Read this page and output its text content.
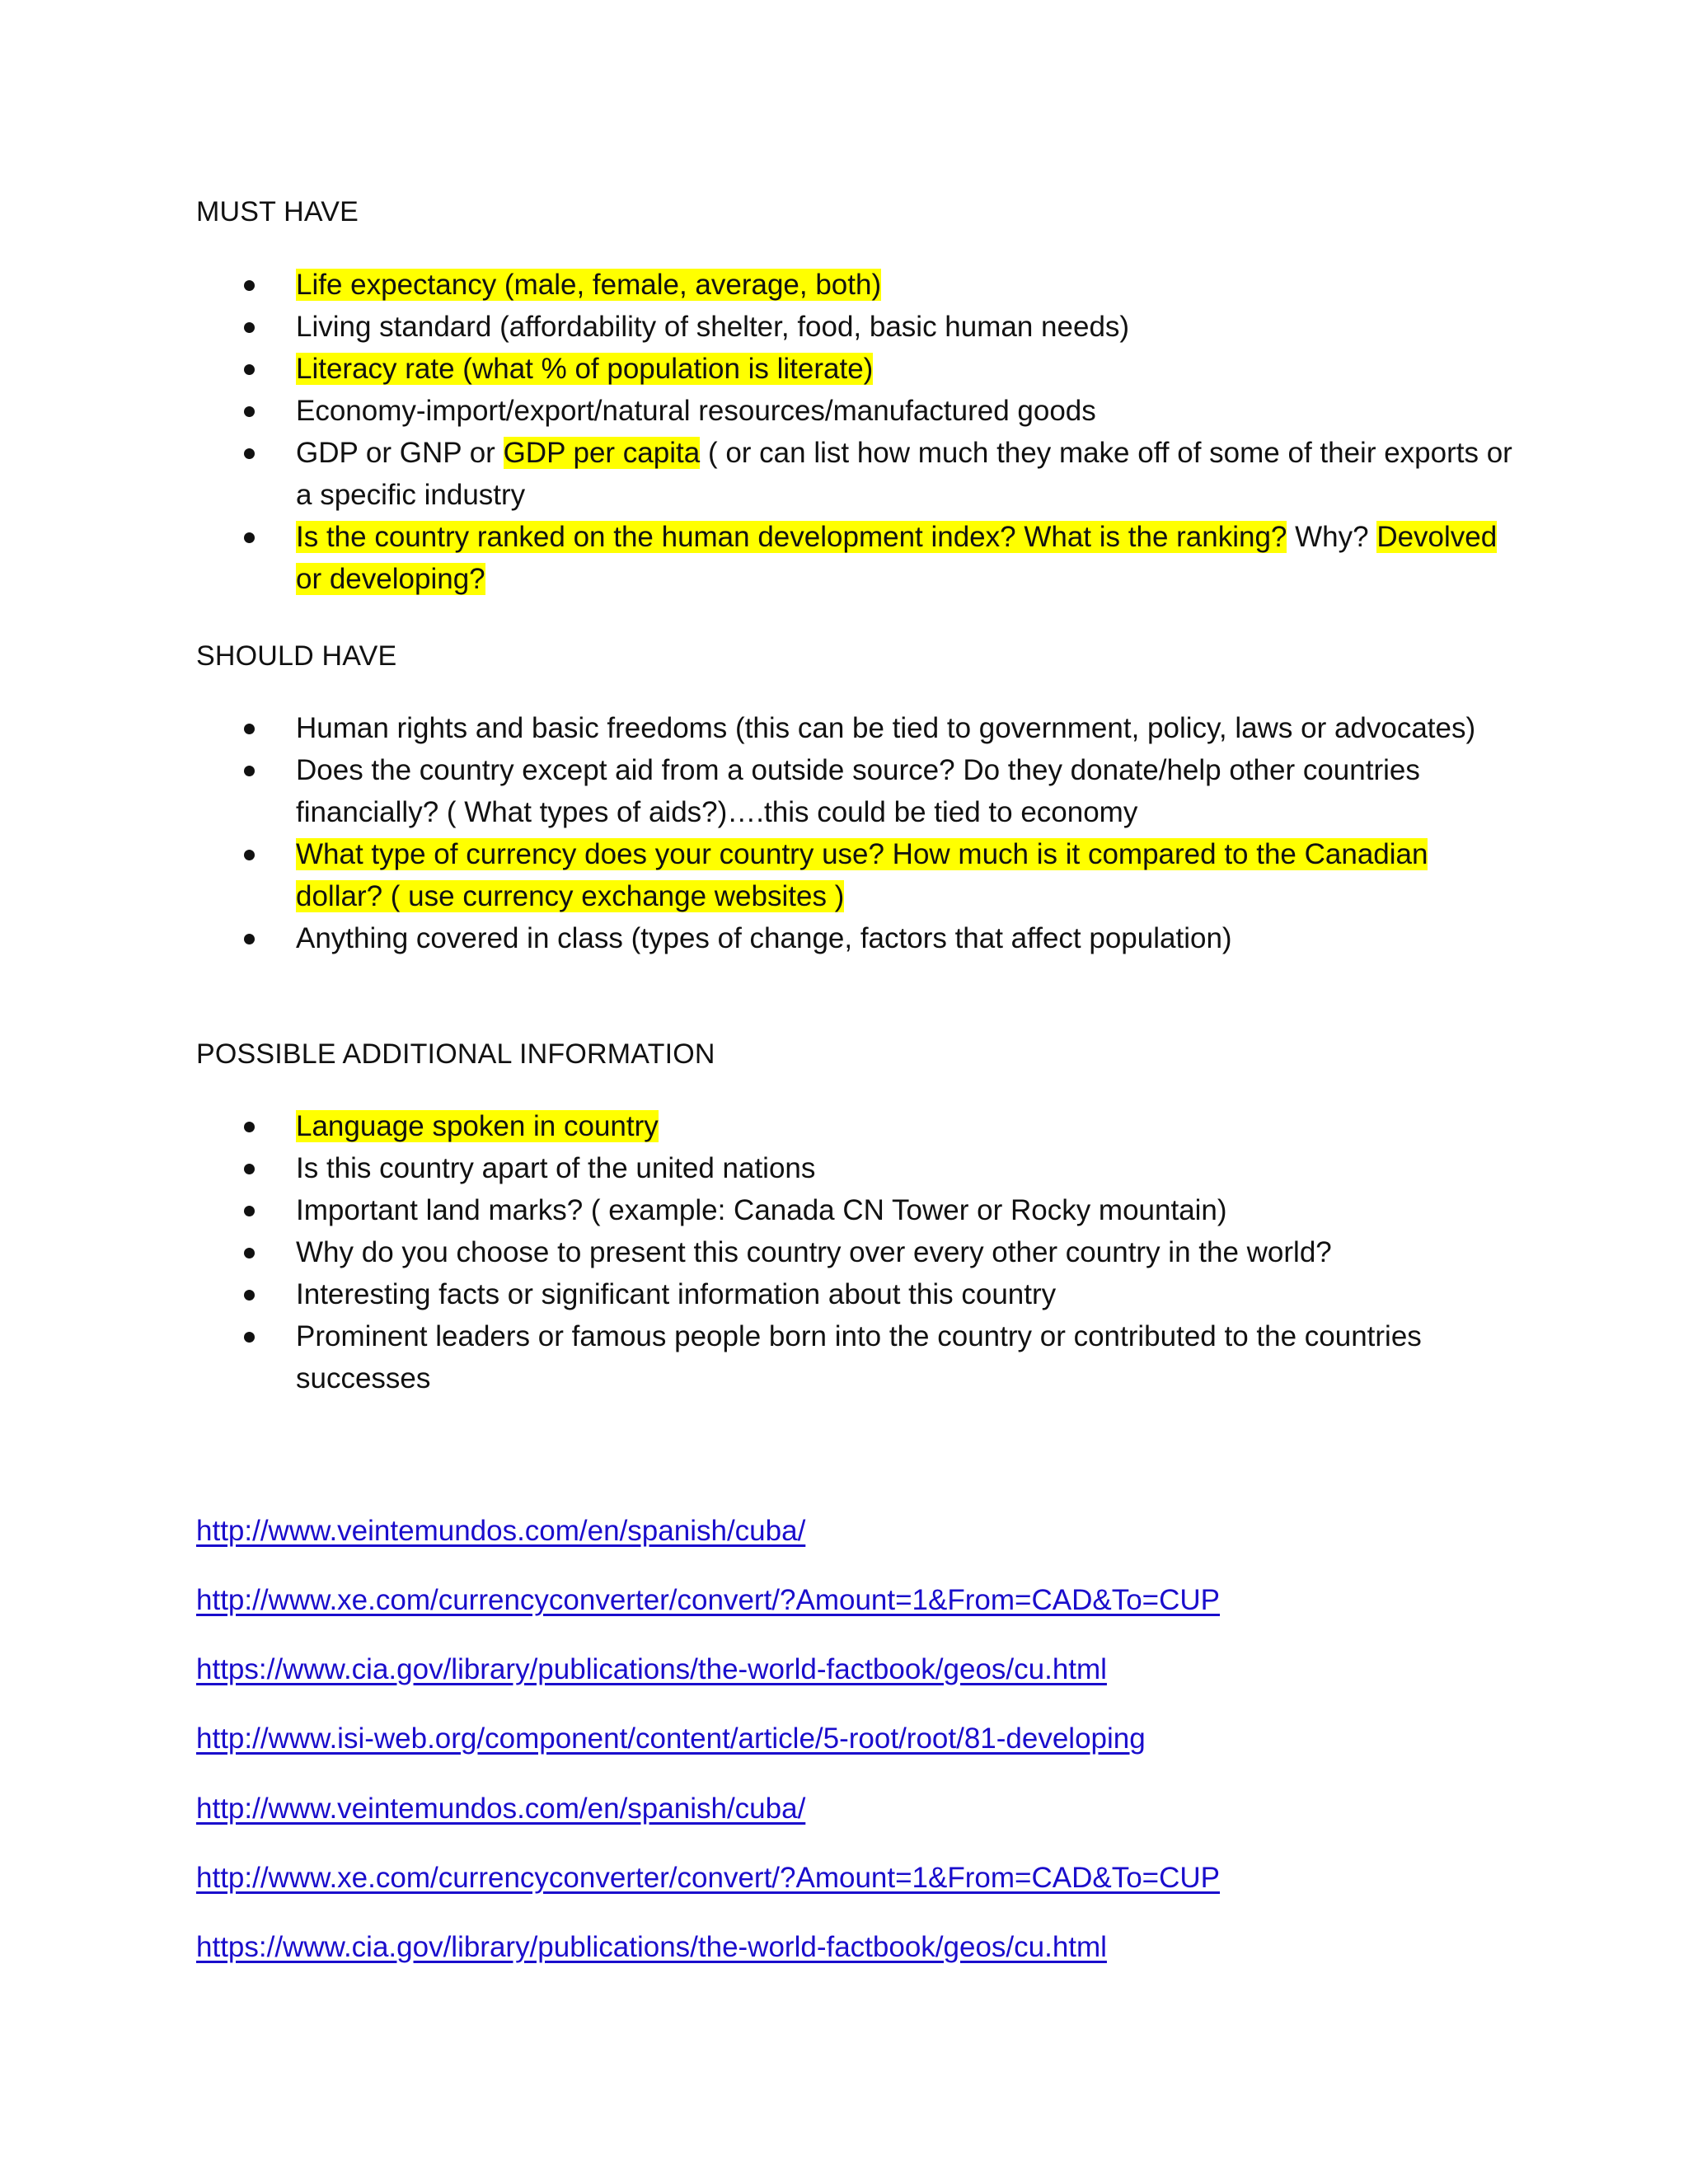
MUST HAVE
Life expectancy (male, female, average, both)
Living standard (affordability of shelter, food, basic human needs)
Literacy rate (what % of population is literate)
Economy-import/export/natural resources/manufactured goods
GDP or GNP or GDP per capita ( or can list how much they make off of some of their exports or a specific industry
Is the country ranked on the human development index? What is the ranking? Why? Devolved or developing?
SHOULD HAVE
Human rights and basic freedoms (this can be tied to government, policy, laws or advocates)
Does the country except aid from a outside source? Do they donate/help other countries financially? ( What types of aids?)….this could be tied to economy
What type of currency does your country use? How much is it compared to the Canadian dollar? ( use currency exchange websites )
Anything covered in class (types of change, factors that affect population)
POSSIBLE ADDITIONAL INFORMATION
Language spoken in country
Is this country apart of the united nations
Important land marks? ( example: Canada CN Tower or Rocky mountain)
Why do you choose to present this country over every other country in the world?
Interesting facts or significant information about this country
Prominent leaders or famous people born into the country or contributed to the countries successes
http://www.veintemundos.com/en/spanish/cuba/
http://www.xe.com/currencyconverter/convert/?Amount=1&From=CAD&To=CUP
https://www.cia.gov/library/publications/the-world-factbook/geos/cu.html
http://www.isi-web.org/component/content/article/5-root/root/81-developing
http://www.veintemundos.com/en/spanish/cuba/
http://www.xe.com/currencyconverter/convert/?Amount=1&From=CAD&To=CUP
https://www.cia.gov/library/publications/the-world-factbook/geos/cu.html
